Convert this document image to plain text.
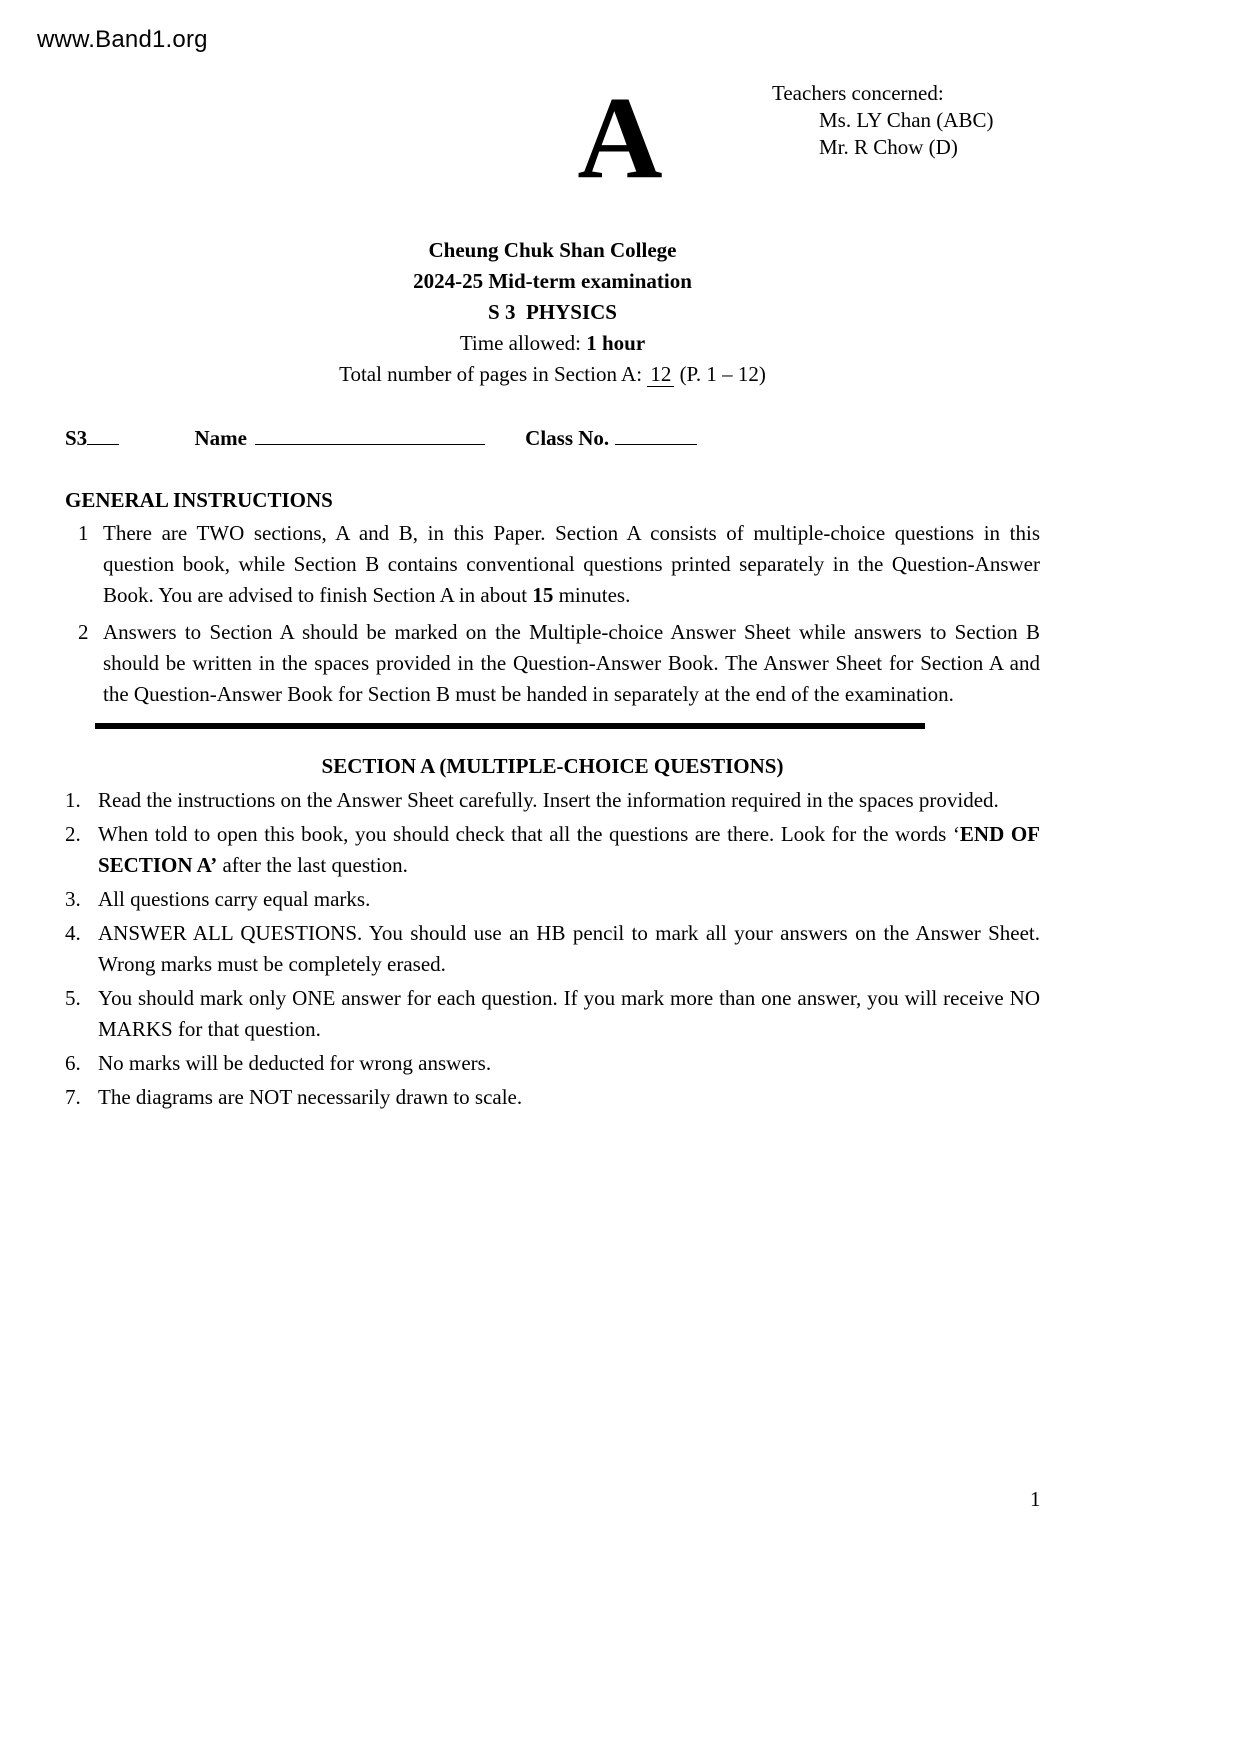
www.Band1.org
Teachers concerned:
Ms. LY Chan (ABC)
Mr. R Chow (D)
A
Cheung Chuk Shan College
2024-25 Mid-term examination
S 3  PHYSICS
Time allowed: 1 hour
Total number of pages in Section A: 12 (P. 1 – 12)
S3	Name	Class No.
GENERAL INSTRUCTIONS
1 There are TWO sections, A and B, in this Paper. Section A consists of multiple-choice questions in this question book, while Section B contains conventional questions printed separately in the Question-Answer Book. You are advised to finish Section A in about 15 minutes.
2 Answers to Section A should be marked on the Multiple-choice Answer Sheet while answers to Section B should be written in the spaces provided in the Question-Answer Book. The Answer Sheet for Section A and the Question-Answer Book for Section B must be handed in separately at the end of the examination.
SECTION A (MULTIPLE-CHOICE QUESTIONS)
1. Read the instructions on the Answer Sheet carefully. Insert the information required in the spaces provided.
2. When told to open this book, you should check that all the questions are there. Look for the words ‘END OF SECTION A’ after the last question.
3. All questions carry equal marks.
4. ANSWER ALL QUESTIONS. You should use an HB pencil to mark all your answers on the Answer Sheet. Wrong marks must be completely erased.
5. You should mark only ONE answer for each question. If you mark more than one answer, you will receive NO MARKS for that question.
6. No marks will be deducted for wrong answers.
7. The diagrams are NOT necessarily drawn to scale.
1
